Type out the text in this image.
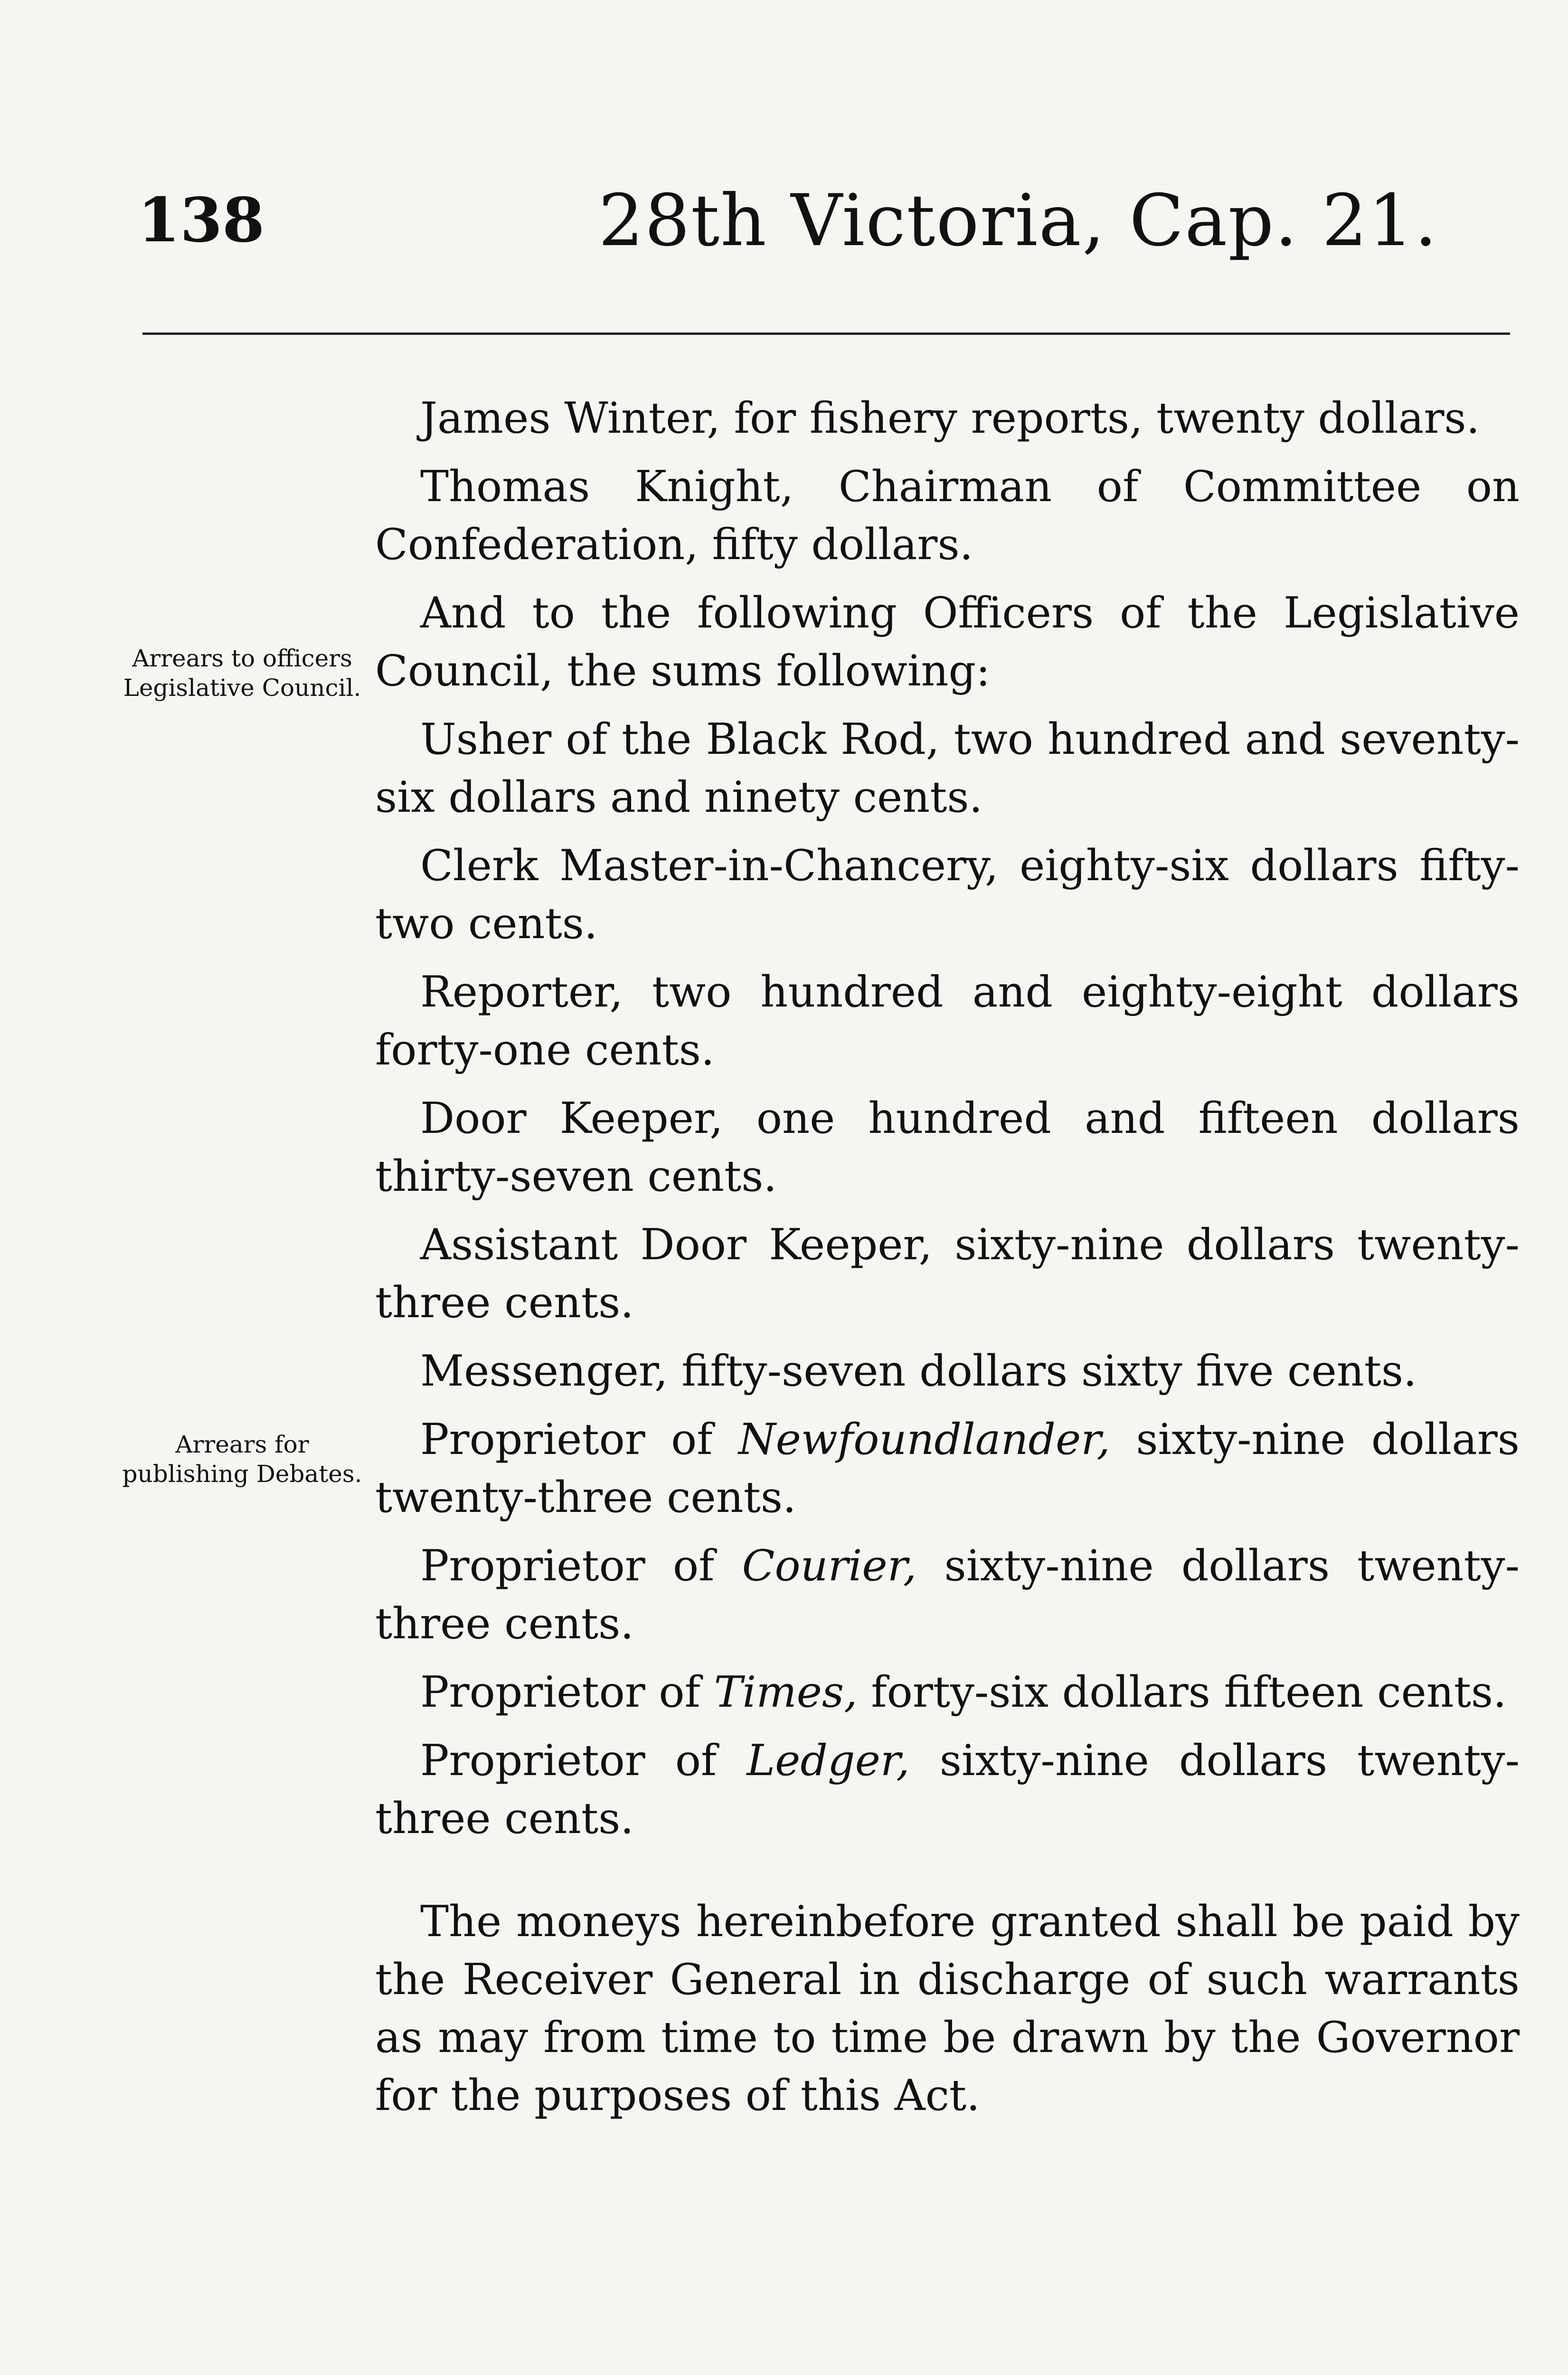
138	28th Victoria, Cap. 21.
Arrears to officers Legislative Council.
Arrears for publishing Debates.

James Winter, for fishery reports, twenty dollars.

Thomas Knight, Chairman of Committee on Confederation, fifty dollars.

And to the following Officers of the Legislative Council, the sums following:

Usher of the Black Rod, two hundred and seventy-six dollars and ninety cents.

Clerk Master-in-Chancery, eighty-six dollars fifty-two cents.

Reporter, two hundred and eighty-eight dollars forty-one cents.

Door Keeper, one hundred and fifteen dollars thirty-seven cents.

Assistant Door Keeper, sixty-nine dollars twenty-three cents.

Messenger, fifty-seven dollars sixty five cents.

Proprietor of Newfoundlander, sixty-nine dollars twenty-three cents.

Proprietor of Courier, sixty-nine dollars twenty-three cents.

Proprietor of Times, forty-six dollars fifteen cents.

Proprietor of Ledger, sixty-nine dollars twenty-three cents.

The moneys hereinbefore granted shall be paid by the Receiver General in discharge of such warrants as may from time to time be drawn by the Governor for the purposes of this Act.
